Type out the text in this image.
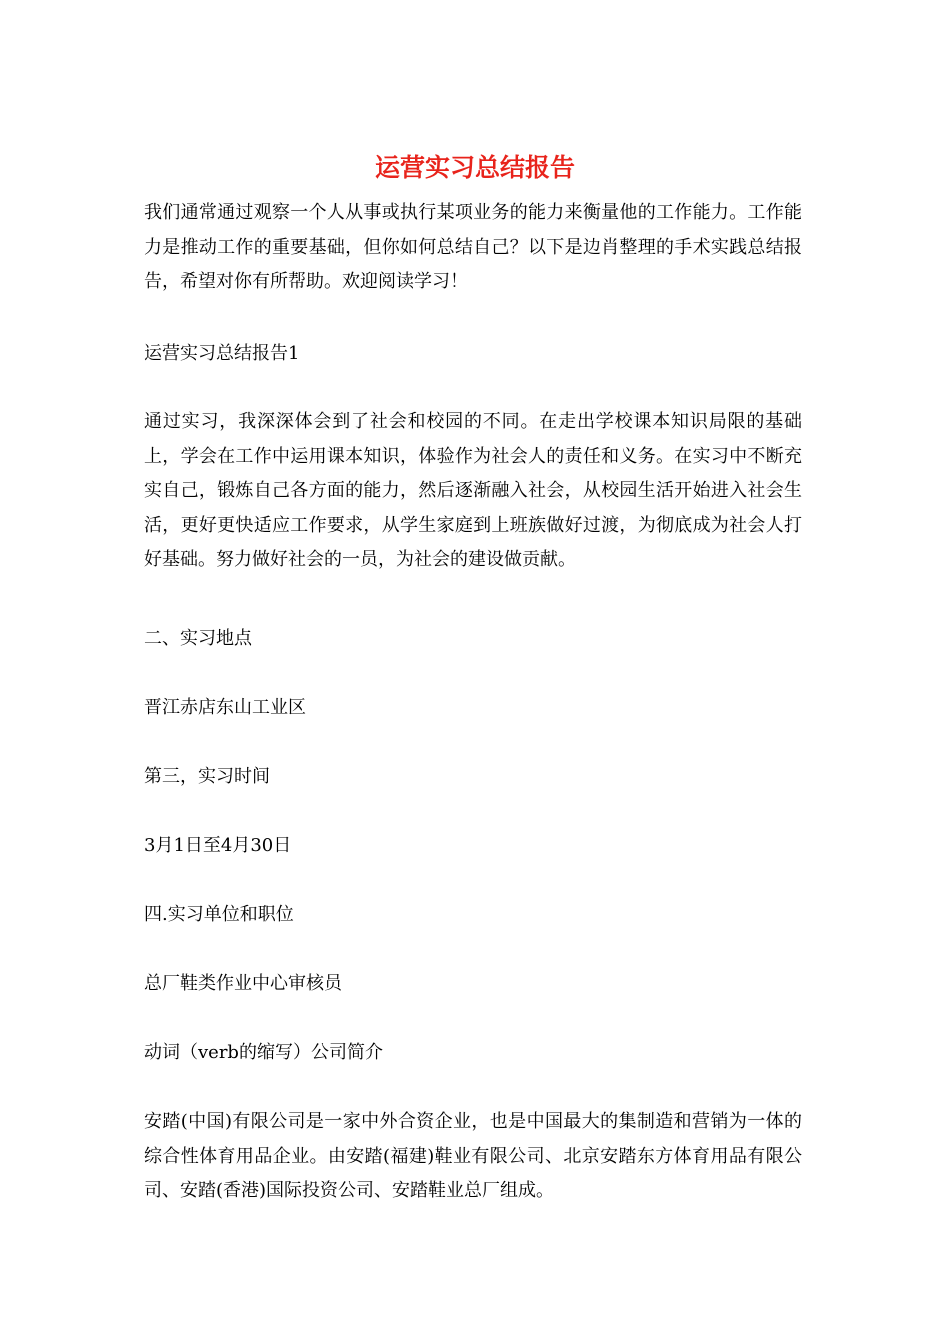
运营实习总结报告
我们通常通过观察一个人从事或执行某项业务的能力来衡量他的工作能力。工作能力是推动工作的重要基础，但你如何总结自己？以下是边肖整理的手术实践总结报告，希望对你有所帮助。欢迎阅读学习！
运营实习总结报告1
通过实习，我深深体会到了社会和校园的不同。在走出学校课本知识局限的基础上，学会在工作中运用课本知识，体验作为社会人的责任和义务。在实习中不断充实自己，锻炼自己各方面的能力，然后逐渐融入社会，从校园生活开始进入社会生活，更好更快适应工作要求，从学生家庭到上班族做好过渡，为彻底成为社会人打好基础。努力做好社会的一员，为社会的建设做贡献。
二、实习地点
晋江赤店东山工业区
第三，实习时间
3月1日至4月30日
四.实习单位和职位
总厂鞋类作业中心审核员
动词（verb的缩写）公司简介
安踏(中国)有限公司是一家中外合资企业，也是中国最大的集制造和营销为一体的综合性体育用品企业。由安踏(福建)鞋业有限公司、北京安踏东方体育用品有限公司、安踏(香港)国际投资公司、安踏鞋业总厂组成。
